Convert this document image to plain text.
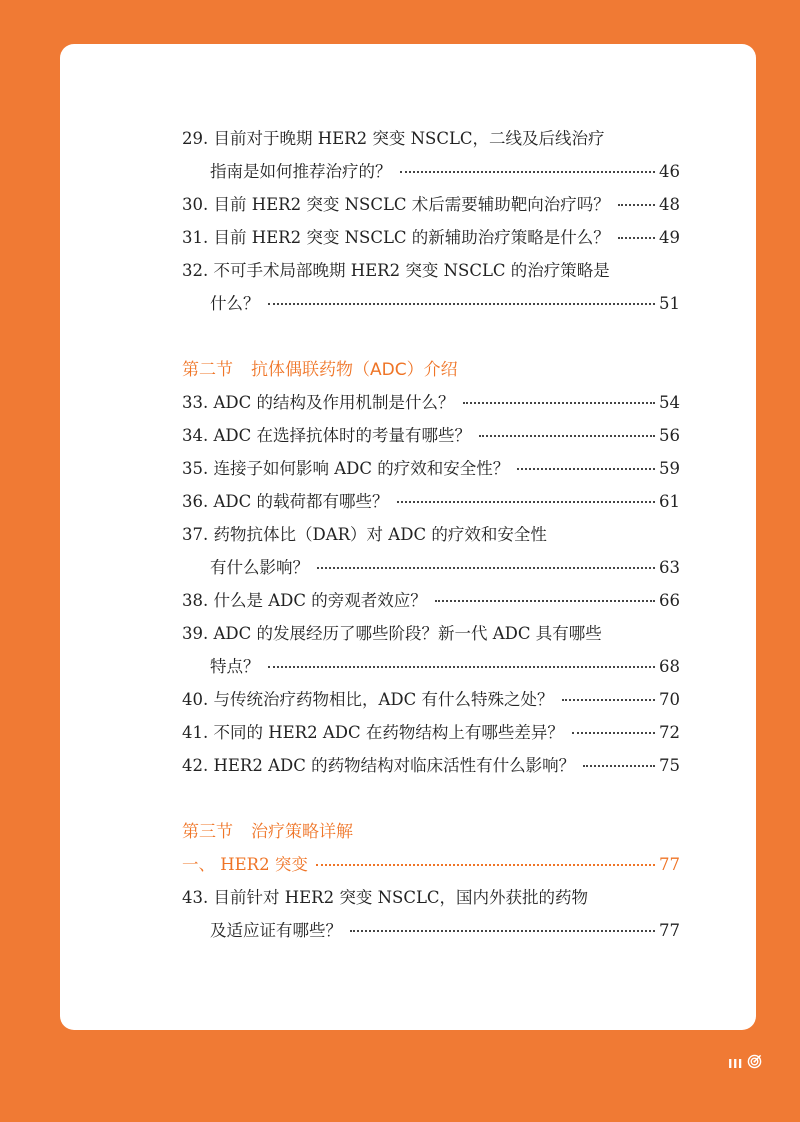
29. 目前对于晚期 HER2 突变 NSCLC，二线及后线治疗
指南是如何推荐治疗的？	46
30. 目前 HER2 突变 NSCLC 术后需要辅助靶向治疗吗？	48
31. 目前 HER2 突变 NSCLC 的新辅助治疗策略是什么？	49
32. 不可手术局部晚期 HER2 突变 NSCLC 的治疗策略是
什么？	51
第二节 抗体偶联药物（ADC）介绍
33. ADC 的结构及作用机制是什么？	54
34. ADC 在选择抗体时的考量有哪些？	56
35. 连接子如何影响 ADC 的疗效和安全性？	59
36. ADC 的载荷都有哪些？	61
37. 药物抗体比（DAR）对 ADC 的疗效和安全性
有什么影响？	63
38. 什么是 ADC 的旁观者效应？	66
39. ADC 的发展经历了哪些阶段？新一代 ADC 具有哪些
特点？	68
40. 与传统治疗药物相比，ADC 有什么特殊之处？	70
41. 不同的 HER2 ADC 在药物结构上有哪些差异？	72
42. HER2 ADC 的药物结构对临床活性有什么影响？	75
第三节 治疗策略详解
一、 HER2 突变	77
43. 目前针对 HER2 突变 NSCLC，国内外获批的药物
及适应证有哪些？	77
III
